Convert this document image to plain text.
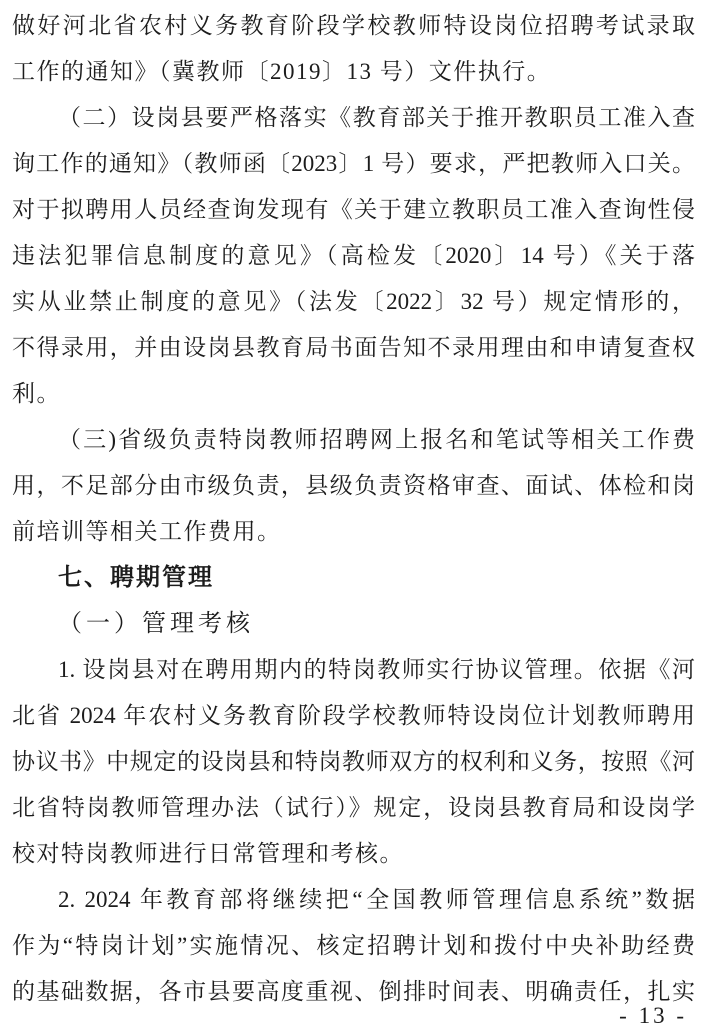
做好河北省农村义务教育阶段学校教师特设岗位招聘考试录取
工作的通知》（冀教师〔2019〕13 号）文件执行。
（二）设岗县要严格落实《教育部关于推开教职员工准入查
询工作的通知》（教师函〔2023〕1 号）要求，严把教师入口关。
对于拟聘用人员经查询发现有《关于建立教职员工准入查询性侵
违法犯罪信息制度的意见》（高检发〔2020〕14 号）《关于落
实从业禁止制度的意见》（法发〔2022〕32 号）规定情形的，
不得录用，并由设岗县教育局书面告知不录用理由和申请复查权
利。
（三)省级负责特岗教师招聘网上报名和笔试等相关工作费
用，不足部分由市级负责，县级负责资格审查、面试、体检和岗
前培训等相关工作费用。
七、聘期管理
（一）管理考核
1. 设岗县对在聘用期内的特岗教师实行协议管理。依据《河
北省 2024 年农村义务教育阶段学校教师特设岗位计划教师聘用
协议书》中规定的设岗县和特岗教师双方的权利和义务，按照《河
北省特岗教师管理办法（试行）》规定，设岗县教育局和设岗学
校对特岗教师进行日常管理和考核。
2. 2024 年教育部将继续把“全国教师管理信息系统”数据
作为“特岗计划”实施情况、核定招聘计划和拨付中央补助经费
的基础数据，各市县要高度重视、倒排时间表、明确责任，扎实
- 13 -
